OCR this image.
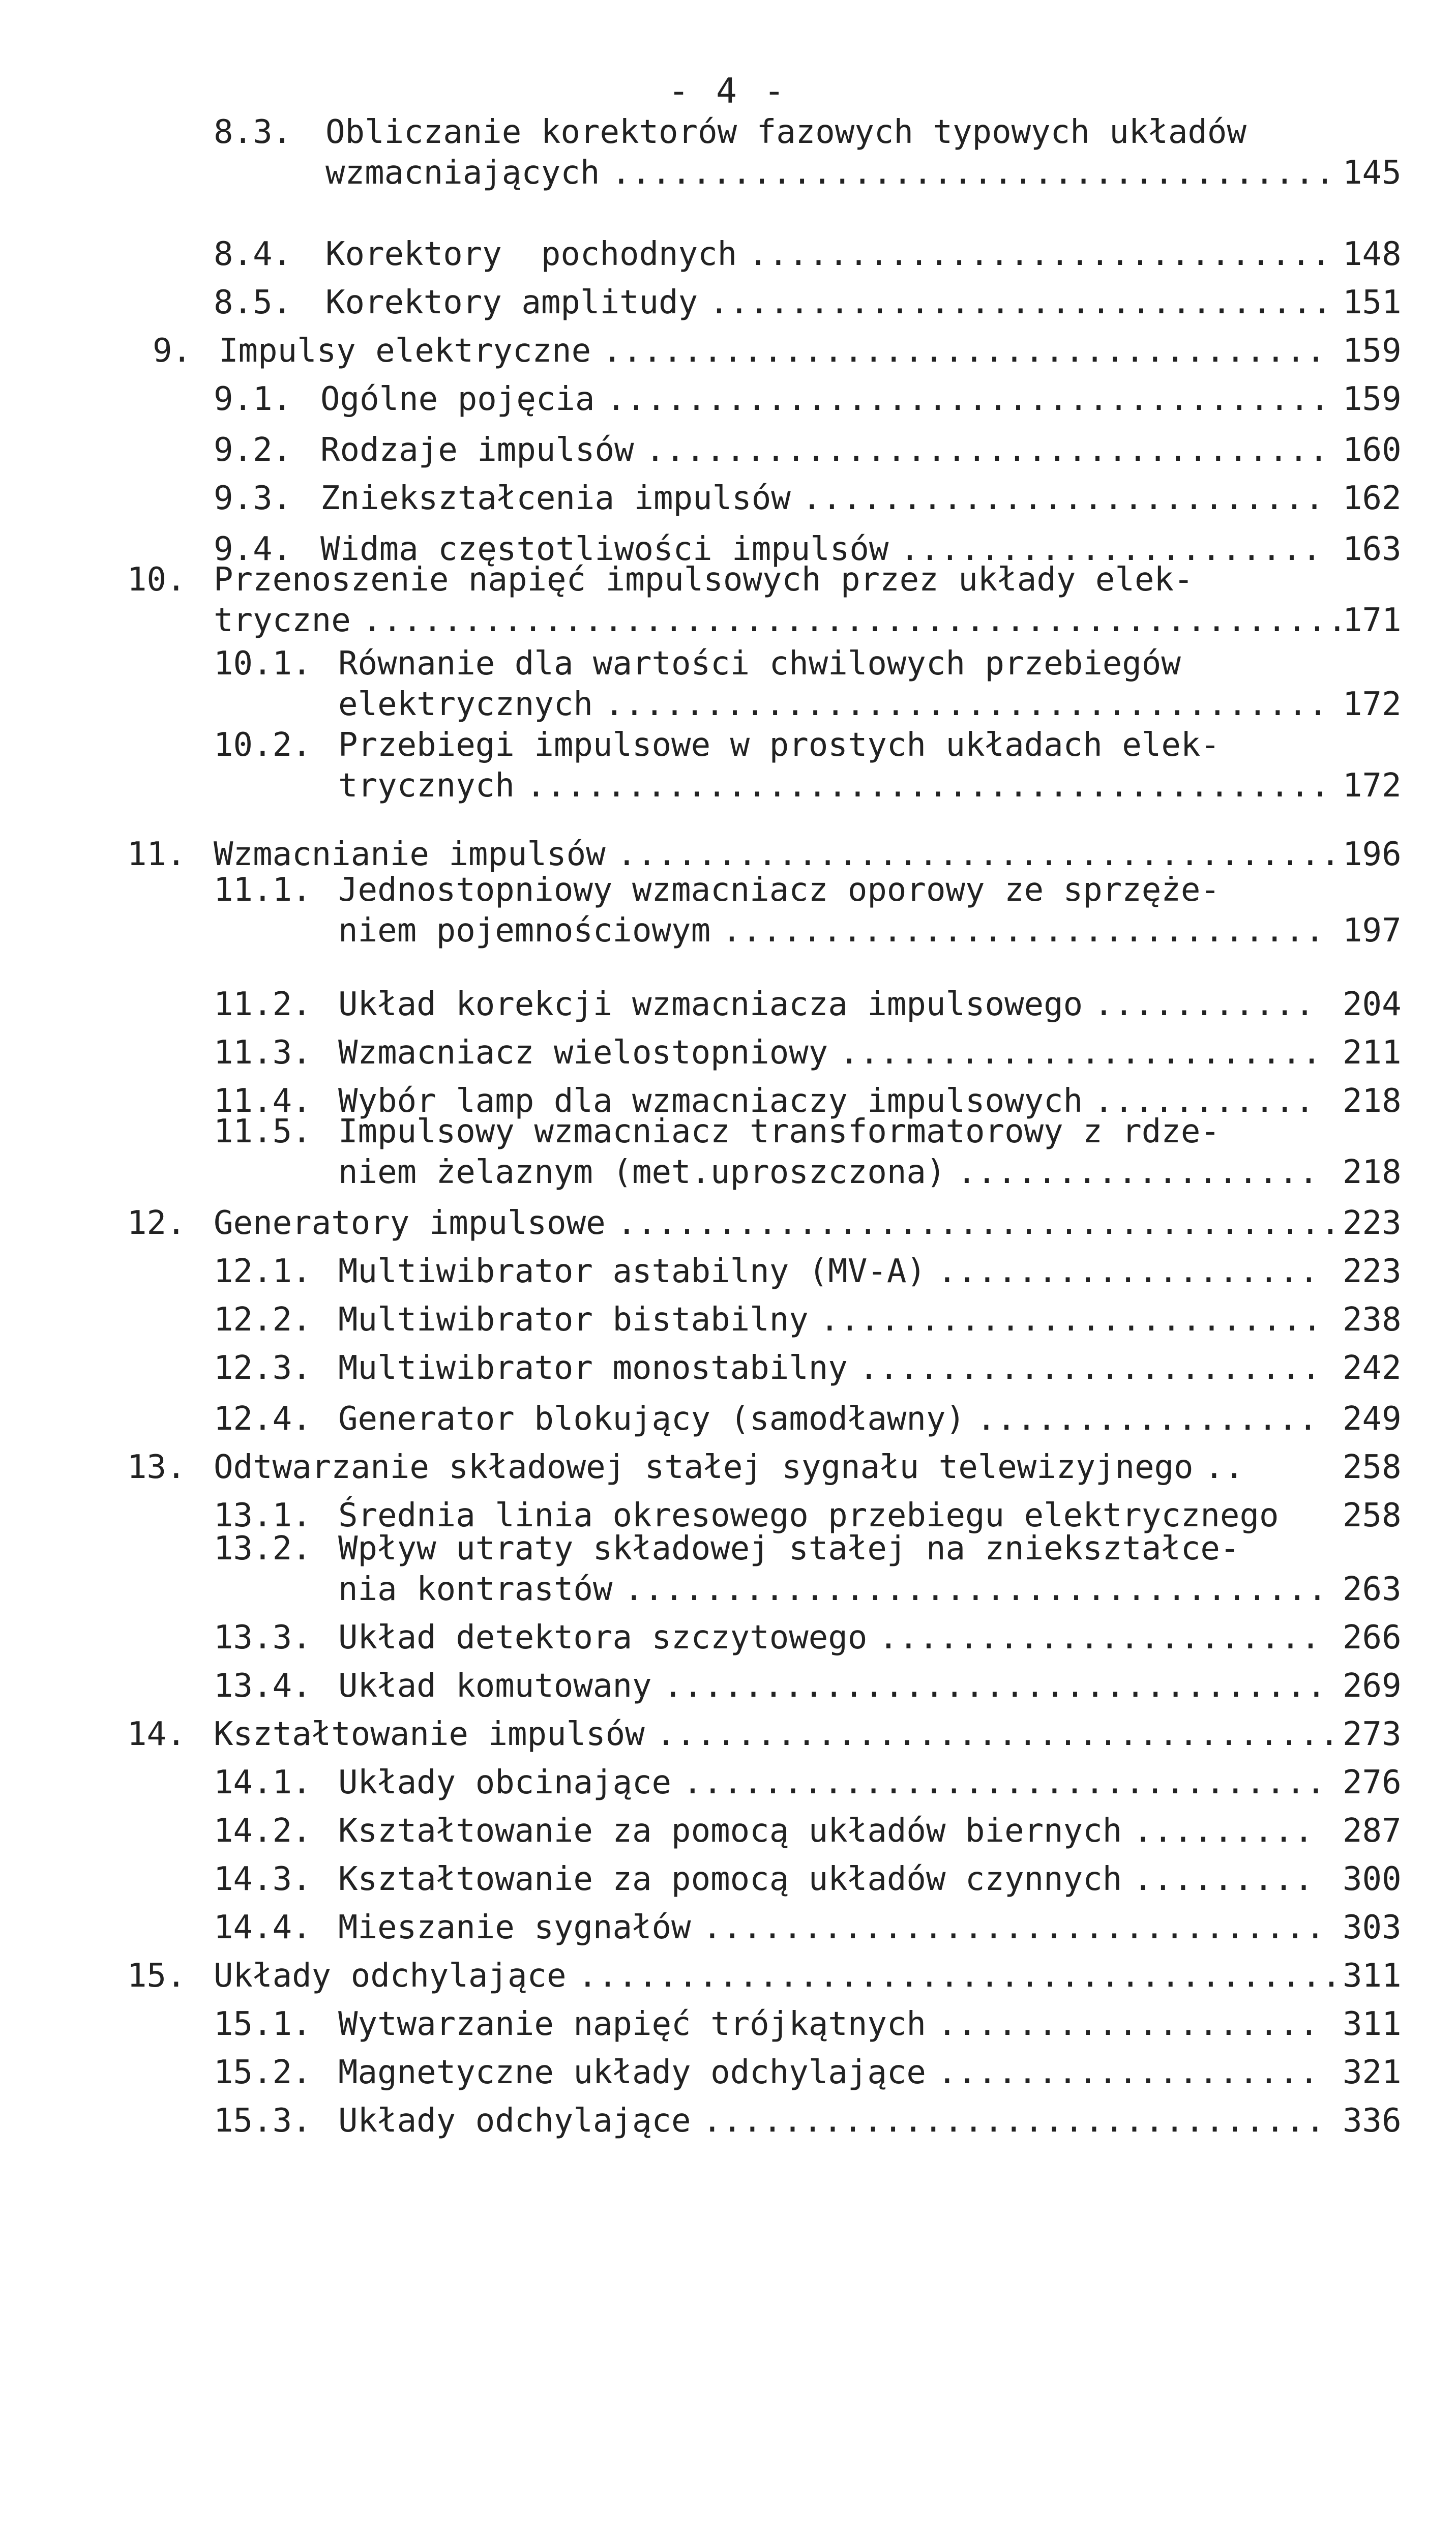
- 4 -
8.3. Obliczanie korektorów fazowych typowych układów
wzmacniających .................................... 145
8.4. Korektory  pochodnych ............................. 148
8.5. Korektory amplitudy ............................... 151
9. Impulsy elektryczne .................................... 159
9.1. Ogólne pojęcia .................................... 159
9.2. Rodzaje impulsów .................................. 160
9.3. Zniekształcenia impulsów .......................... 162
9.4. Widma częstotliwości impulsów ..................... 163
10. Przenoszenie napięć impulsowych przez układy elek-
tryczne .................................................
171
10.1. Równanie dla wartości chwilowych przebiegów
elektrycznych .................................... 172
10.2. Przebiegi impulsowe w prostych układach elek-
trycznych ........................................ 172
11. Wzmacnianie impulsów .................................... 196
11.1. Jednostopniowy wzmacniacz oporowy ze sprzęże-
niem pojemnościowym .............................. 197
11.2. Układ korekcji wzmacniacza impulsowego ........... 204
11.3. Wzmacniacz wielostopniowy ........................ 211
11.4. Wybór lamp dla wzmacniaczy impulsowych ........... 218
11.5. Impulsowy wzmacniacz transformatorowy z rdze-
niem żelaznym (met.uproszczona) .................. 218
12. Generatory impulsowe .................................... 223
12.1. Multiwibrator astabilny (MV-A) ................... 223
12.2. Multiwibrator bistabilny ......................... 238
12.3. Multiwibrator monostabilny ....................... 242
12.4. Generator blokujący (samodławny) ................. 249
13. Odtwarzanie składowej stałej sygnału telewizyjnego ..	258
13.1. Średnia linia okresowego przebiegu elektrycznego 258
13.2. Wpływ utraty składowej stałej na zniekształce-
nia kontrastów ................................... 263
13.3. Układ detektora szczytowego ...................... 266
13.4. Układ komutowany ................................. 269
14. Kształtowanie impulsów .................................. 273
14.1. Układy obcinające ................................ 276
14.2. Kształtowanie za pomocą układów biernych ......... 287
14.3. Kształtowanie za pomocą układów czynnych ......... 300
14.4. Mieszanie sygnałów ............................... 303
15. Układy odchylające ...................................... 311
15.1. Wytwarzanie napięć trójkątnych ................... 311
15.2. Magnetyczne układy odchylające ................... 321
15.3. Układy odchylające ............................... 336
